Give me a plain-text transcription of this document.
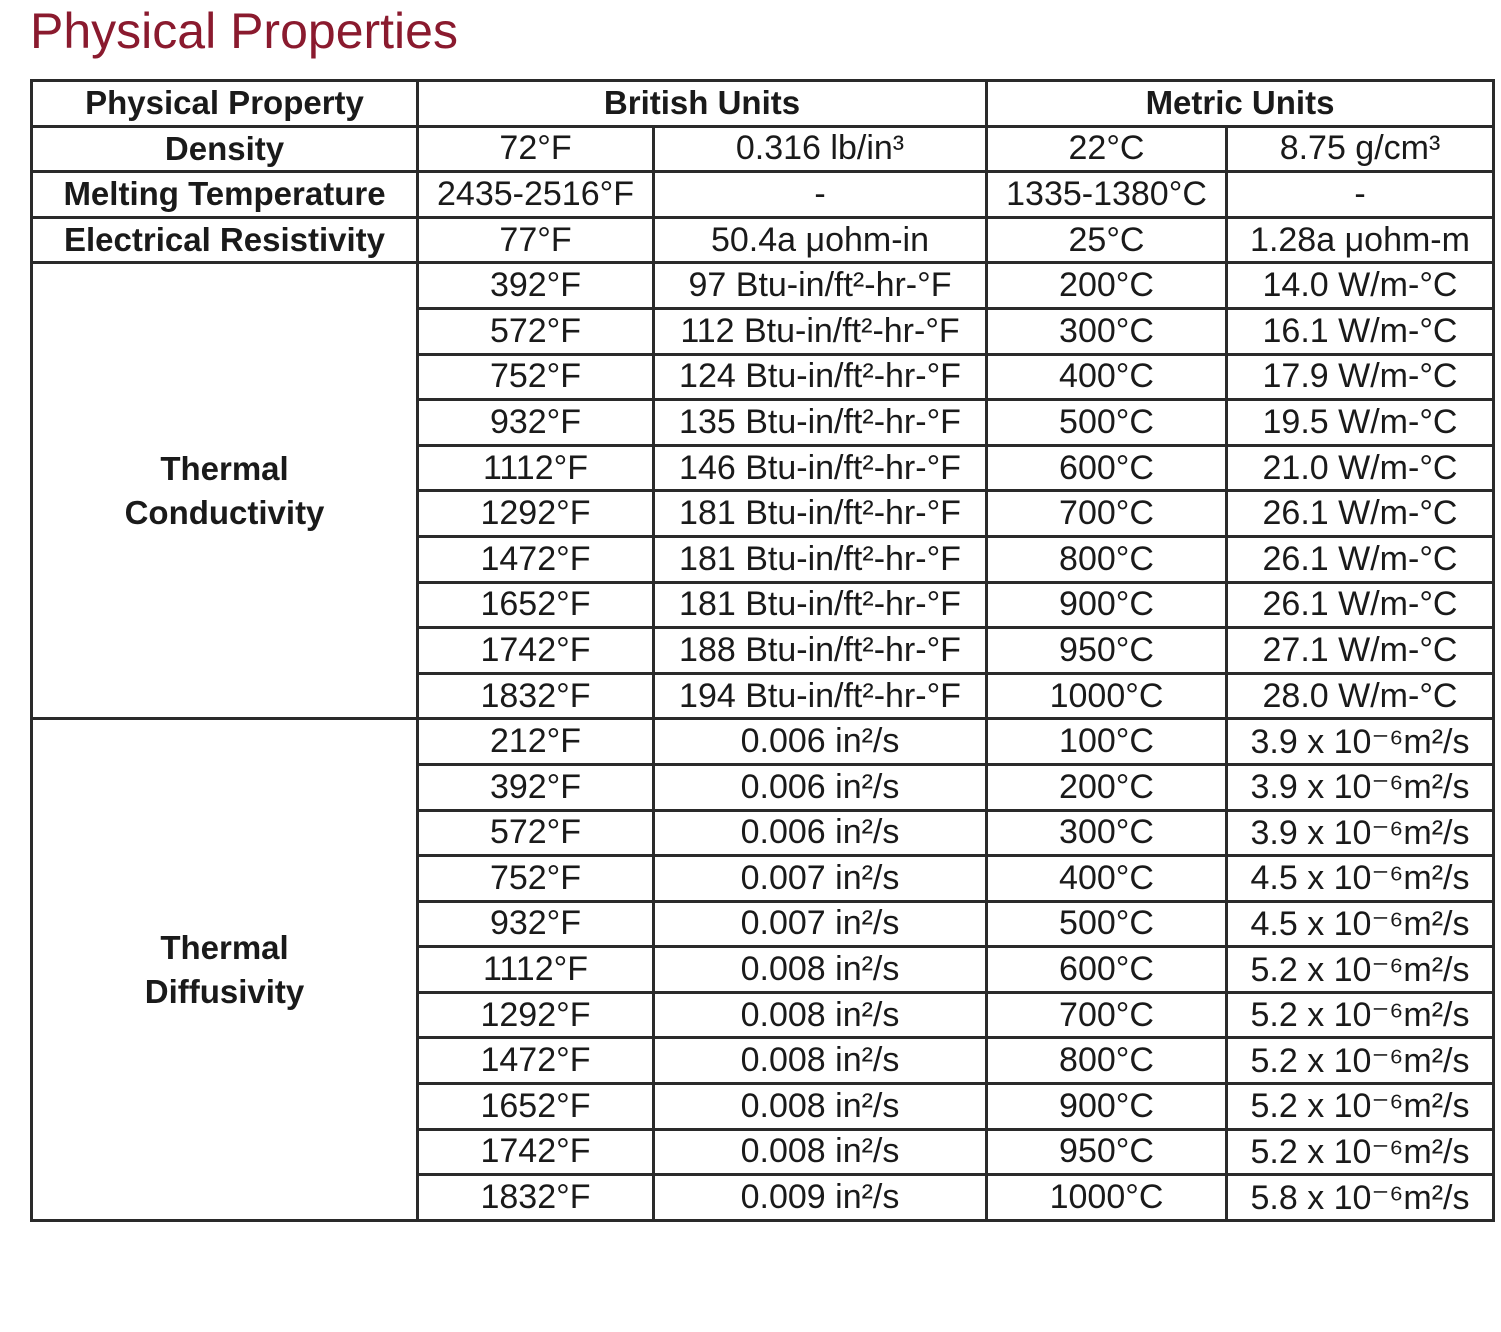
Physical Properties
Physical Property	British Units		Metric Units	
Density	72°F	0.316 lb/in³	22°C	8.75 g/cm³
Melting Temperature	2435-2516°F	-	1335-1380°C	-
Electrical Resistivity	77°F	50.4a μohm-in	25°C	1.28a μohm-m

Thermal
Conductivity	392°F	97 Btu-in/ft²-hr-°F	200°C	14.0 W/m-°C
	572°F	112 Btu-in/ft²-hr-°F	300°C	16.1 W/m-°C
	752°F	124 Btu-in/ft²-hr-°F	400°C	17.9 W/m-°C
	932°F	135 Btu-in/ft²-hr-°F	500°C	19.5 W/m-°C
	1112°F	146 Btu-in/ft²-hr-°F	600°C	21.0 W/m-°C
	1292°F	181 Btu-in/ft²-hr-°F	700°C	26.1 W/m-°C
	1472°F	181 Btu-in/ft²-hr-°F	800°C	26.1 W/m-°C
	1652°F	181 Btu-in/ft²-hr-°F	900°C	26.1 W/m-°C
	1742°F	188 Btu-in/ft²-hr-°F	950°C	27.1 W/m-°C
	1832°F	194 Btu-in/ft²-hr-°F	1000°C	28.0 W/m-°C

Thermal
Diffusivity	212°F	0.006 in²/s	100°C	3.9 x 10⁻⁶m²/s
	392°F	0.006 in²/s	200°C	3.9 x 10⁻⁶m²/s
	572°F	0.006 in²/s	300°C	3.9 x 10⁻⁶m²/s
	752°F	0.007 in²/s	400°C	4.5 x 10⁻⁶m²/s
	932°F	0.007 in²/s	500°C	4.5 x 10⁻⁶m²/s
	1112°F	0.008 in²/s	600°C	5.2 x 10⁻⁶m²/s
	1292°F	0.008 in²/s	700°C	5.2 x 10⁻⁶m²/s
	1472°F	0.008 in²/s	800°C	5.2 x 10⁻⁶m²/s
	1652°F	0.008 in²/s	900°C	5.2 x 10⁻⁶m²/s
	1742°F	0.008 in²/s	950°C	5.2 x 10⁻⁶m²/s
	1832°F	0.009 in²/s	1000°C	5.8 x 10⁻⁶m²/s
